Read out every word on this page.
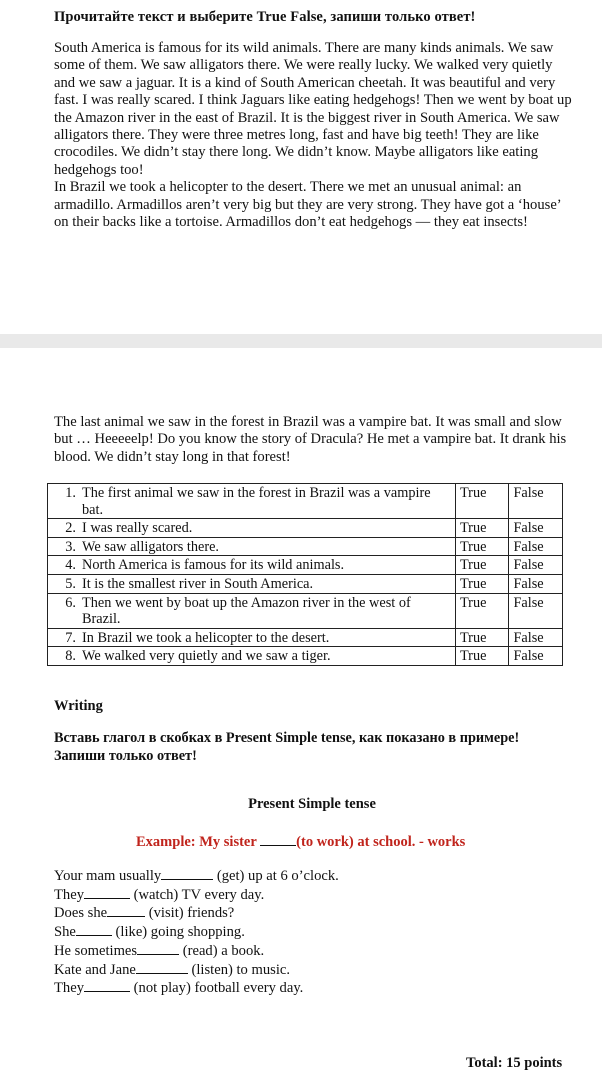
Прочитайте текст и выберите True False, запиши только ответ!

South America is famous for its wild animals. There are many kinds animals. We saw some of them. We saw alligators there. We were really lucky. We walked very quietly and we saw a jaguar. It is a kind of South American cheetah. It was beautiful and very fast. I was really scared. I think Jaguars like eating hedgehogs! Then we went by boat up the Amazon river in the east of Brazil. It is the biggest river in South America. We saw alligators there. They were three metres long, fast and have big teeth! They are like crocodiles. We didn’t stay there long. We didn’t know. Maybe alligators like eating hedgehogs too!

In Brazil we took a helicopter to the desert. There we met an unusual animal: an armadillo. Armadillos aren’t very big but they are very strong. They have got a ‘house’ on their backs like a tortoise. Armadillos don’t eat hedgehogs — they eat insects!

The last animal we saw in the forest in Brazil was a vampire bat. It was small and slow but … Heeeeelp! Do you know the story of Dracula? He met a vampire bat. It drank his blood. We didn’t stay long in that forest!

1. The first animal we saw in the forest in Brazil was a vampire bat.	True	False
2. I was really scared.	True	False
3. We saw alligators there.	True	False
4. North America is famous for its wild animals.	True	False
5. It is the smallest river in South America.	True	False
6. Then we went by boat up the Amazon river in the west of Brazil.	True	False
7. In Brazil we took a helicopter to the desert.	True	False
8. We walked very quietly and we saw a tiger.	True	False
Writing
Вставь глагол в скобках в Present Simple tense, как показано в примере! Запиши только ответ!
Present Simple tense
Example: My sister (to work) at school. - works
Your mam usually	(get) up at 6 o’clock.
They	(watch) TV every day.
Does she	(visit) friends?
She	(like) going shopping.
He sometimes	(read) a book.
Kate and Jane	(listen) to music.
They	(not play) football every day.
Total: 15 points
